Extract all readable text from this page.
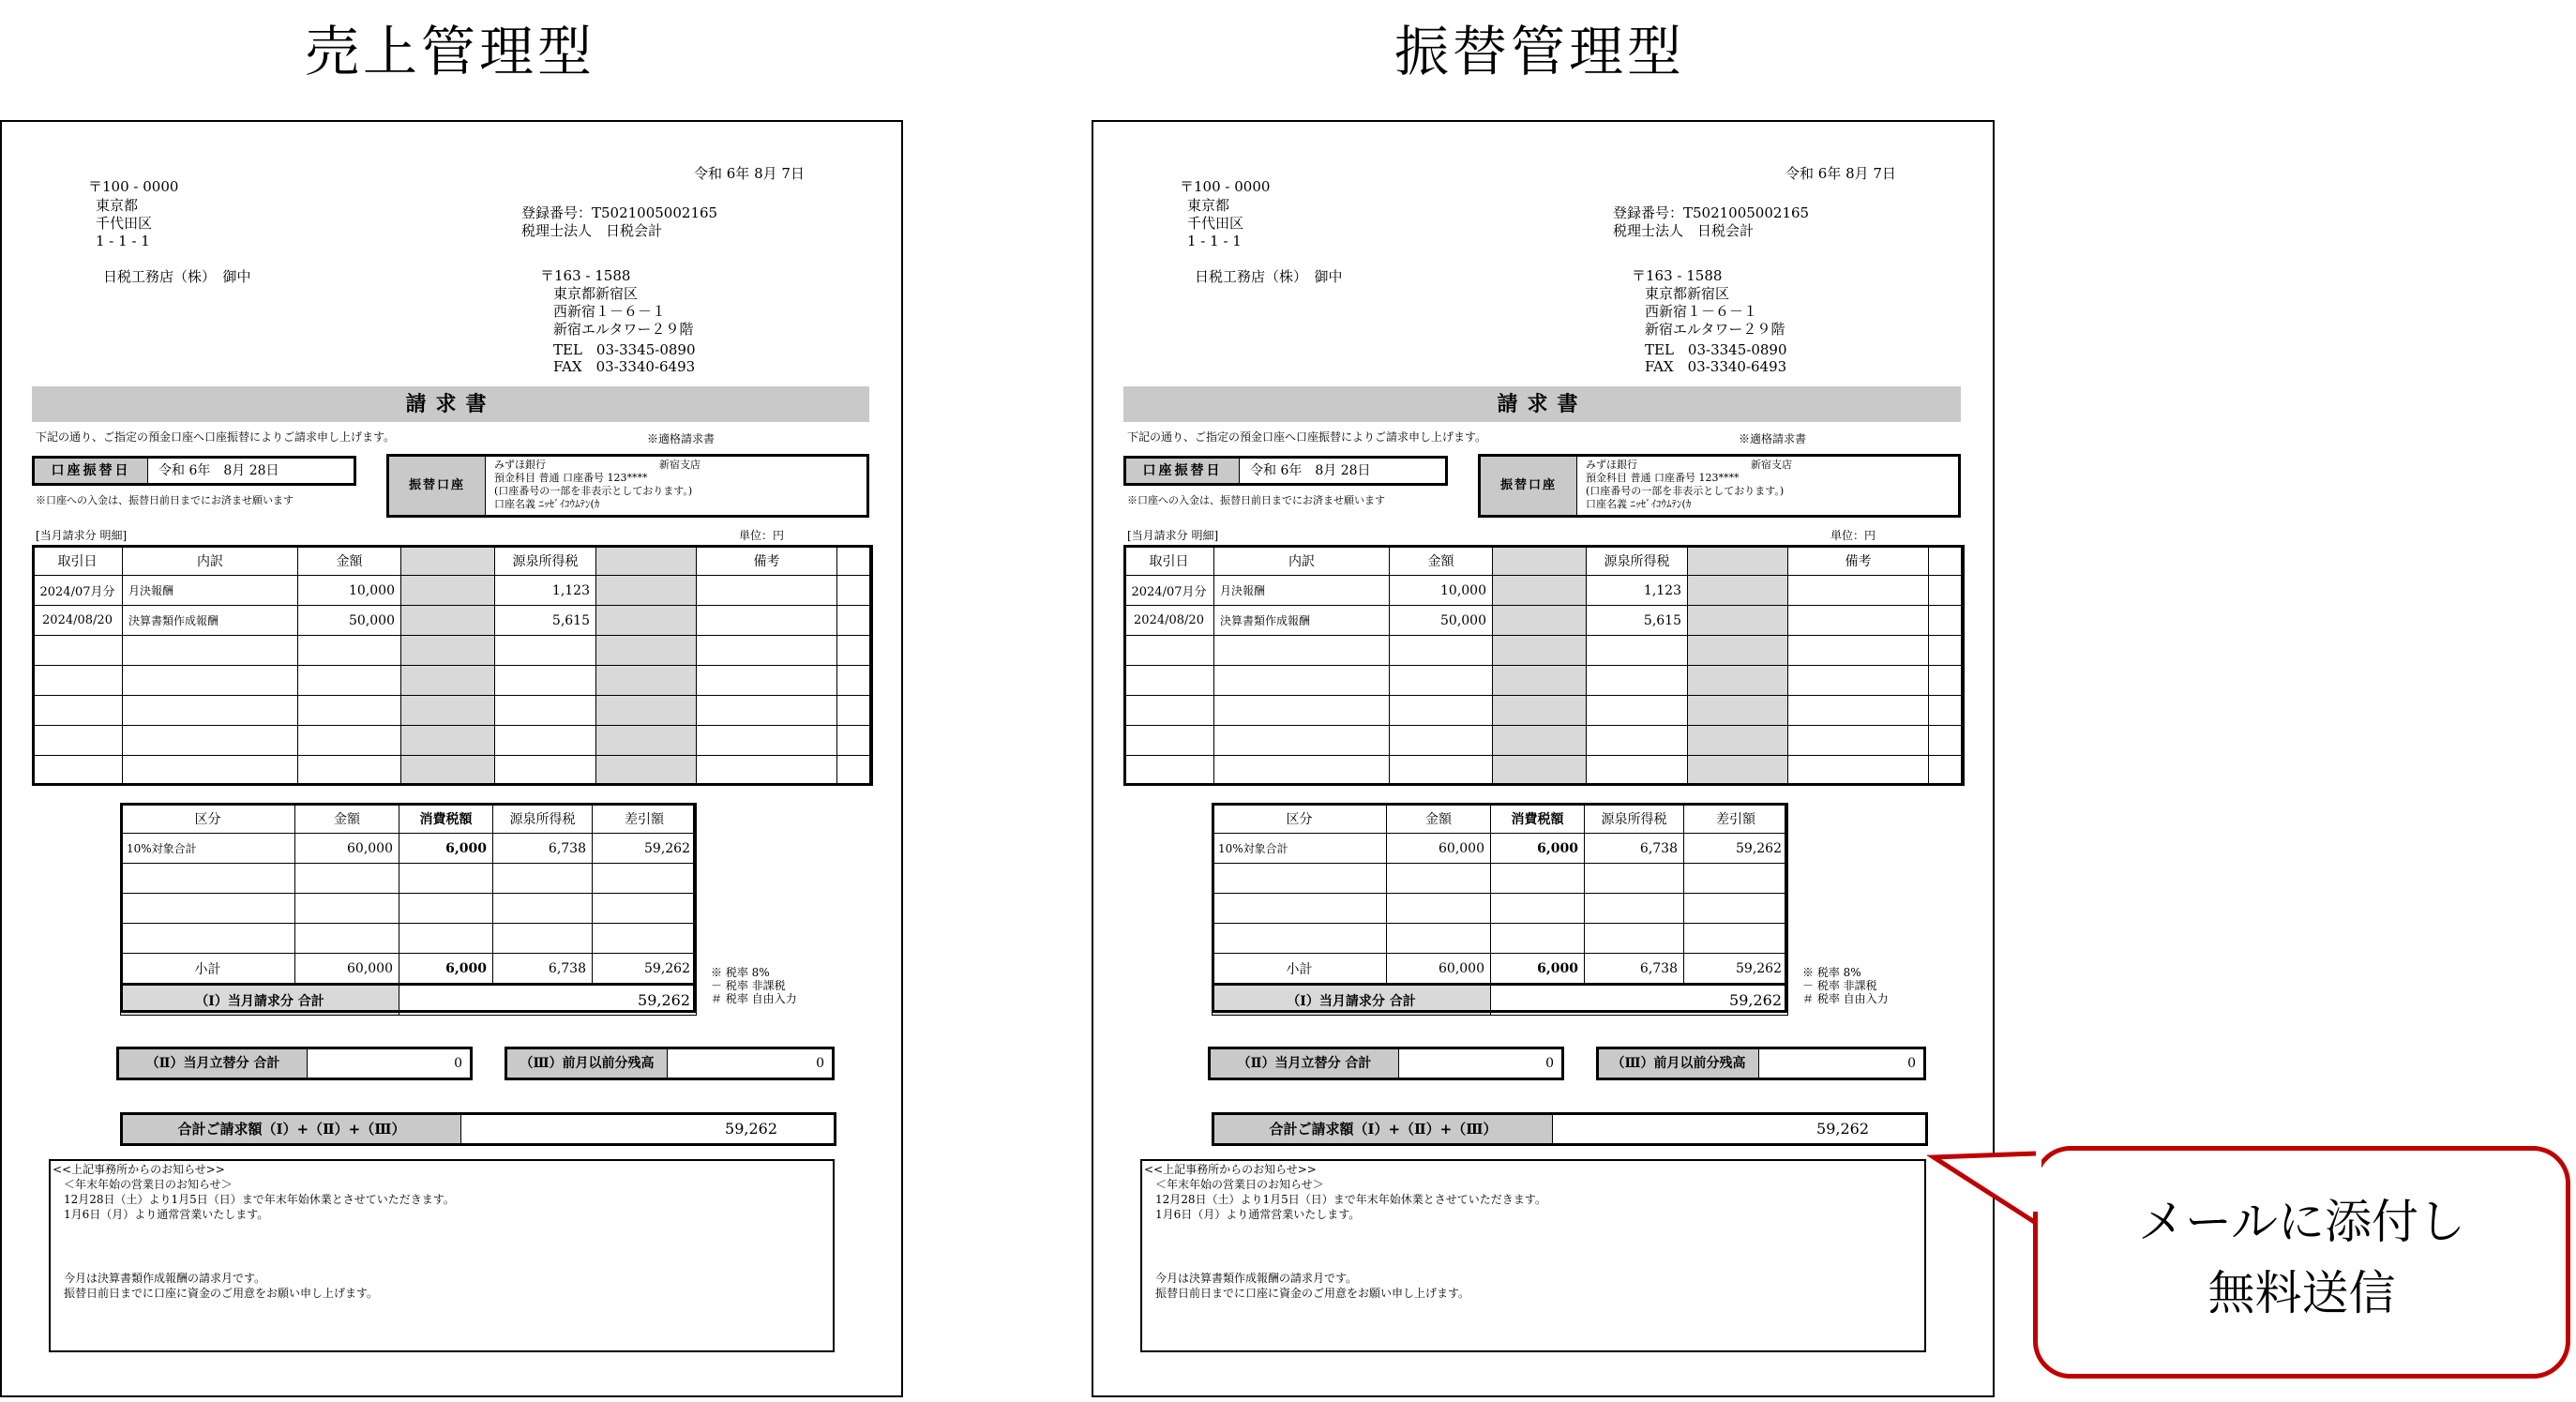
売上管理型	振替管理型
令和 6年 8月 7日
〒100 - 0000
東京都
千代田区
1 - 1 - 1
日税工務店（株）　御中
登録番号：T5021005002165
税理士法人　日税会計
〒163 - 1588
東京都新宿区
西新宿１－６－１
新宿エルタワー２９階
TEL　03-3345-0890
FAX　03-3340-6493
請求書
下記の通り、ご指定の預金口座へ口座振替によりご請求申し上げます。	※適格請求書
口座振替日	令和 6年　8月 28日
※口座への入金は、振替日前日までにお済ませ願います
振替口座
みずほ銀行	新宿支店
預金科目 普通 口座番号 123****
(口座番号の一部を非表示としております。)
口座名義 ﾆｯｾﾞｲｺｳﾑﾃﾝ(ｶ
[当月請求分 明細]	単位：円
取引日	内訳	金額		源泉所得税		備考	
2024/07月分	月決報酬	10,000		1,123			
2024/08/20	決算書類作成報酬	50,000		5,615			

区分	金額	消費税額	源泉所得税	差引額
10%対象合計	60,000	6,000	6,738	59,262

小計	60,000	6,000	6,738	59,262
（Ⅰ）当月請求分 合計		59,262		
※ 税率 8%
－ 税率 非課税
＃ 税率 自由入力
（Ⅱ）当月立替分 合計	0	（Ⅲ）前月以前分残高	0
合計ご請求額（Ⅰ）+（Ⅱ）+（Ⅲ）	59,262
<<上記事務所からのお知らせ>>
＜年末年始の営業日のお知らせ＞
12月28日（土）より1月5日（日）まで年末年始休業とさせていただきます。
1月6日（月）より通常営業いたします。
今月は決算書類作成報酬の請求月です。
振替日前日までに口座に資金のご用意をお願い申し上げます。
令和 6年 8月 7日
〒100 - 0000
東京都
千代田区
1 - 1 - 1
日税工務店（株）　御中
登録番号：T5021005002165
税理士法人　日税会計
〒163 - 1588
東京都新宿区
西新宿１－６－１
新宿エルタワー２９階
TEL　03-3345-0890
FAX　03-3340-6493
請求書
下記の通り、ご指定の預金口座へ口座振替によりご請求申し上げます。	※適格請求書
口座振替日	令和 6年　8月 28日
※口座への入金は、振替日前日までにお済ませ願います
振替口座
みずほ銀行	新宿支店
預金科目 普通 口座番号 123****
(口座番号の一部を非表示としております。)
口座名義 ﾆｯｾﾞｲｺｳﾑﾃﾝ(ｶ
[当月請求分 明細]	単位：円
取引日	内訳	金額		源泉所得税		備考	
2024/07月分	月決報酬	10,000		1,123			
2024/08/20	決算書類作成報酬	50,000		5,615			

区分	金額	消費税額	源泉所得税	差引額
10%対象合計	60,000	6,000	6,738	59,262

小計	60,000	6,000	6,738	59,262
（Ⅰ）当月請求分 合計		59,262		
※ 税率 8%
－ 税率 非課税
＃ 税率 自由入力
（Ⅱ）当月立替分 合計	0	（Ⅲ）前月以前分残高	0
合計ご請求額（Ⅰ）+（Ⅱ）+（Ⅲ）	59,262
<<上記事務所からのお知らせ>>
＜年末年始の営業日のお知らせ＞
12月28日（土）より1月5日（日）まで年末年始休業とさせていただきます。
1月6日（月）より通常営業いたします。
今月は決算書類作成報酬の請求月です。
振替日前日までに口座に資金のご用意をお願い申し上げます。
メールに添付し
無料送信
